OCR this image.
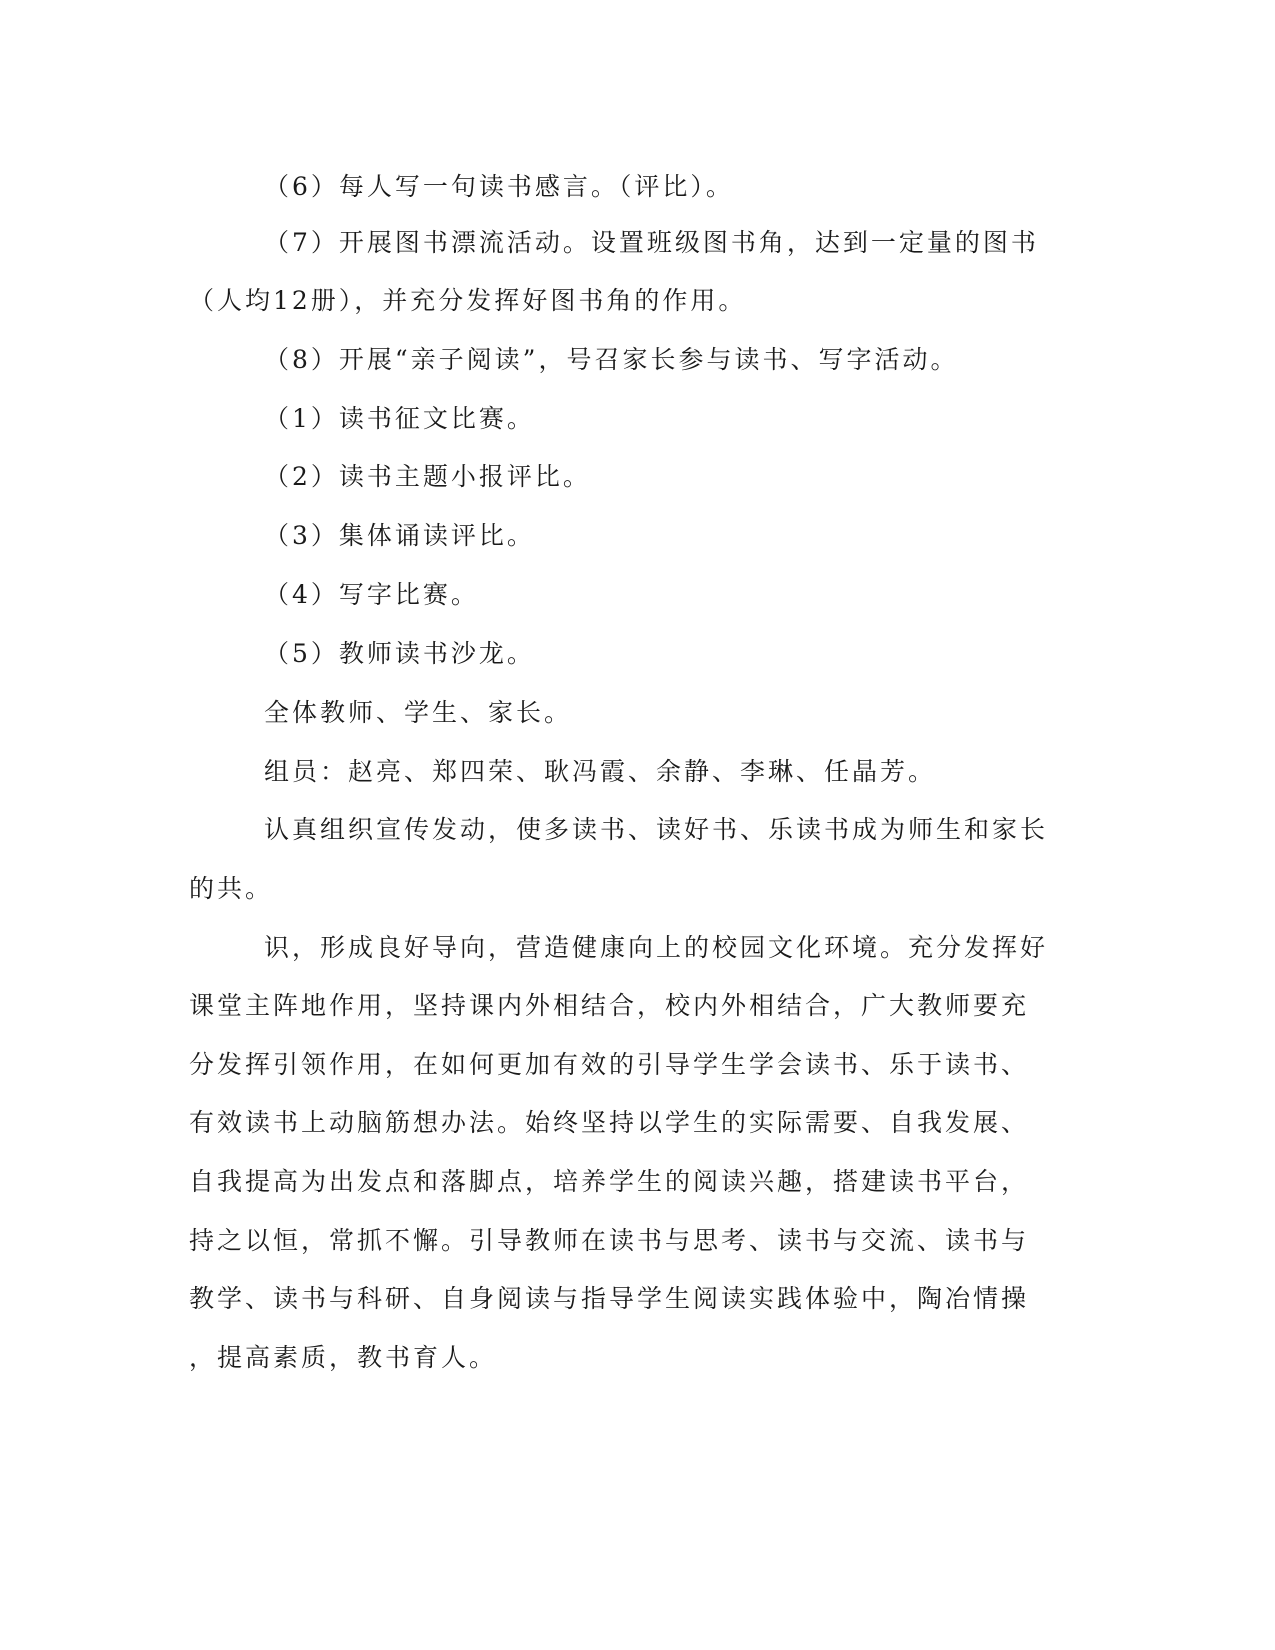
（6）每人写一句读书感言。（评比）。
（7）开展图书漂流活动。设置班级图书角，达到一定量的图书
（人均12册），并充分发挥好图书角的作用。
（8）开展“亲子阅读”，号召家长参与读书、写字活动。
（1）读书征文比赛。
（2）读书主题小报评比。
（3）集体诵读评比。
（4）写字比赛。
（5）教师读书沙龙。
全体教师、学生、家长。
组员：赵亮、郑四荣、耿冯霞、余静、李琳、任晶芳。
认真组织宣传发动，使多读书、读好书、乐读书成为师生和家长
的共。
识，形成良好导向，营造健康向上的校园文化环境。充分发挥好
课堂主阵地作用，坚持课内外相结合，校内外相结合，广大教师要充
分发挥引领作用，在如何更加有效的引导学生学会读书、乐于读书、
有效读书上动脑筋想办法。始终坚持以学生的实际需要、自我发展、
自我提高为出发点和落脚点，培养学生的阅读兴趣，搭建读书平台，
持之以恒，常抓不懈。引导教师在读书与思考、读书与交流、读书与
教学、读书与科研、自身阅读与指导学生阅读实践体验中，陶冶情操
，提高素质，教书育人。
